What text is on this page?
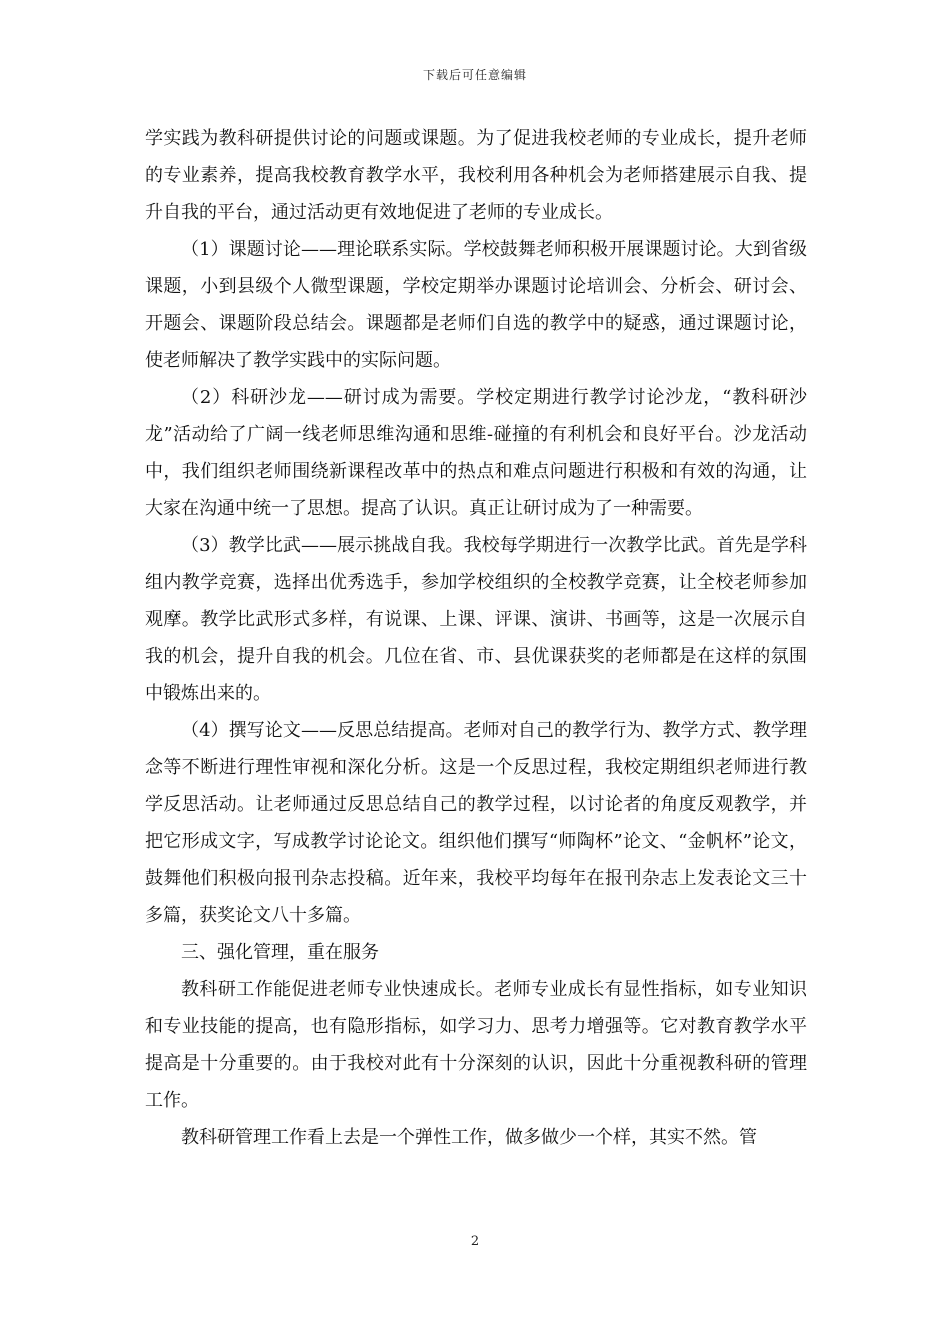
下载后可任意编辑

学实践为教科研提供讨论的问题或课题。为了促进我校老师的专业成长，提升老师的专业素养，提高我校教育教学水平，我校利用各种机会为老师搭建展示自我、提升自我的平台，通过活动更有效地促进了老师的专业成长。

（1）课题讨论——理论联系实际。学校鼓舞老师积极开展课题讨论。大到省级课题，小到县级个人微型课题，学校定期举办课题讨论培训会、分析会、研讨会、开题会、课题阶段总结会。课题都是老师们自选的教学中的疑惑，通过课题讨论，使老师解决了教学实践中的实际问题。

（2）科研沙龙——研讨成为需要。学校定期进行教学讨论沙龙，“教科研沙龙”活动给了广阔一线老师思维沟通和思维-碰撞的有利机会和良好平台。沙龙活动中，我们组织老师围绕新课程改革中的热点和难点问题进行积极和有效的沟通，让大家在沟通中统一了思想。提高了认识。真正让研讨成为了一种需要。

（3）教学比武——展示挑战自我。我校每学期进行一次教学比武。首先是学科组内教学竞赛，选择出优秀选手，参加学校组织的全校教学竞赛，让全校老师参加观摩。教学比武形式多样，有说课、上课、评课、演讲、书画等，这是一次展示自我的机会，提升自我的机会。几位在省、市、县优课获奖的老师都是在这样的氛围中锻炼出来的。

（4）撰写论文——反思总结提高。老师对自己的教学行为、教学方式、教学理念等不断进行理性审视和深化分析。这是一个反思过程，我校定期组织老师进行教学反思活动。让老师通过反思总结自己的教学过程，以讨论者的角度反观教学，并把它形成文字，写成教学讨论论文。组织他们撰写“师陶杯”论文、“金帆杯”论文，鼓舞他们积极向报刊杂志投稿。近年来，我校平均每年在报刊杂志上发表论文三十多篇，获奖论文八十多篇。

三、强化管理，重在服务

教科研工作能促进老师专业快速成长。老师专业成长有显性指标，如专业知识和专业技能的提高，也有隐形指标，如学习力、思考力增强等。它对教育教学水平提高是十分重要的。由于我校对此有十分深刻的认识，因此十分重视教科研的管理工作。

教科研管理工作看上去是一个弹性工作，做多做少一个样，其实不然。管

2
